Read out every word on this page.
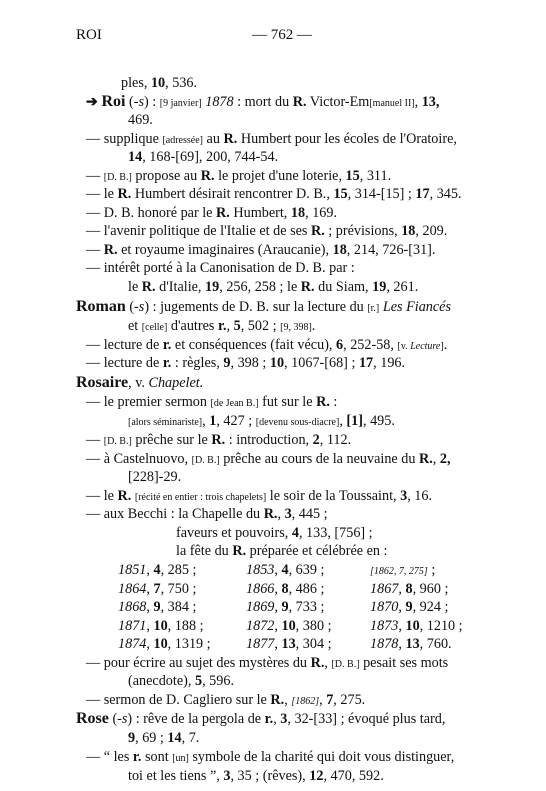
ROI	— 762 —
ples, 10, 536.
➔ Roi (-s) : [9 janvier] 1878 : mort du R. Victor-Em[manuel II], 13,
469.
— supplique [adressée] au R. Humbert pour les écoles de l'Oratoire,
14, 168-[69], 200, 744-54.
— [D. B.] propose au R. le projet d'une loterie, 15, 311.
— le R. Humbert désirait rencontrer D. B., 15, 314-[15] ; 17, 345.
— D. B. honoré par le R. Humbert, 18, 169.
— l'avenir politique de l'Italie et de ses R. ; prévisions, 18, 209.
— R. et royaume imaginaires (Araucanie), 18, 214, 726-[31].
— intérêt porté à la Canonisation de D. B. par :
le R. d'Italie, 19, 256, 258 ; le R. du Siam, 19, 261.
Roman (-s) : jugements de D. B. sur la lecture du [r.] Les Fiancés
et [celle] d'autres r., 5, 502 ; [9, 398].
— lecture de r. et conséquences (fait vécu), 6, 252-58, [v. Lecture].
— lecture de r. : règles, 9, 398 ; 10, 1067-[68] ; 17, 196.
Rosaire, v. Chapelet.
— le premier sermon [de Jean B.] fut sur le R. :
[alors séminariste], 1, 427 ; [devenu sous-diacre], [1], 495.
— [D. B.] prêche sur le R. : introduction, 2, 112.
— à Castelnuovo, [D. B.] prêche au cours de la neuvaine du R., 2,
[228]-29.
— le R. [récité en entier : trois chapelets] le soir de la Toussaint, 3, 16.
— aux Becchi : la Chapelle du R., 3, 445 ;
faveurs et pouvoirs, 4, 133, [756] ;
la fête du R. préparée et célébrée en :
— pour écrire au sujet des mystères du R., [D. B.] pesait ses mots
(anecdote), 5, 596.
— sermon de D. Cagliero sur le R., [1862], 7, 275.
Rose (-s) : rêve de la pergola de r., 3, 32-[33] ; évoqué plus tard,
9, 69 ; 14, 7.
— “ les r. sont [un] symbole de la charité qui doit vous distinguer,
toi et les tiens ”, 3, 35 ; (rêves), 12, 470, 592.
1851, 4, 285 ;	1853, 4, 639 ;	[1862, 7, 275] ;
1864, 7, 750 ;	1866, 8, 486 ;	1867, 8, 960 ;
1868, 9, 384 ;	1869, 9, 733 ;	1870, 9, 924 ;
1871, 10, 188 ;	1872, 10, 380 ;	1873, 10, 1210 ;
1874, 10, 1319 ; 1877, 13, 304 ;	1878, 13, 760.
